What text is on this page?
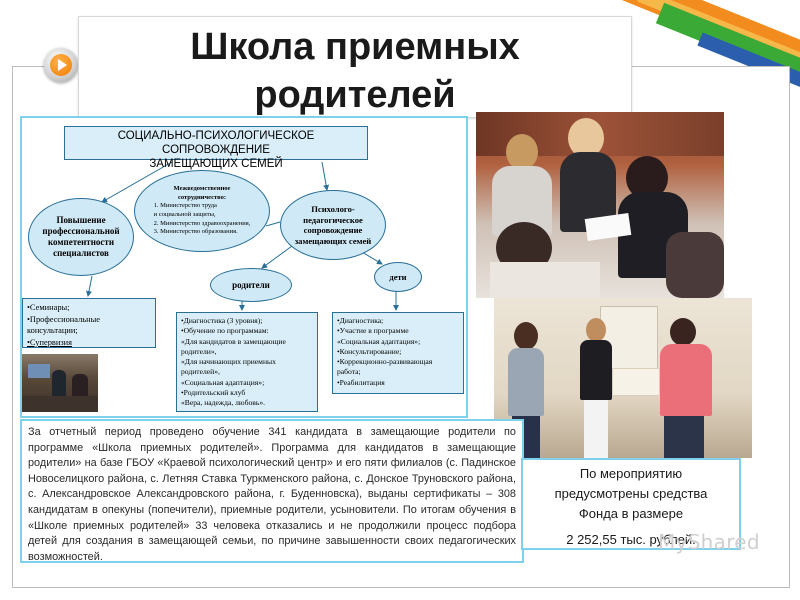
Школа приемных
родителей
СОЦИАЛЬНО-ПСИХОЛОГИЧЕСКОЕ СОПРОВОЖДЕНИЕ
ЗАМЕЩАЮЩИХ СЕМЕЙ
Повышение
профессиональной
компетентности
специалистов
Межведомственное
сотрудничество:
1. Министерство труда
и социальной защиты,
2. Министерство здравоохранения,
3. Министерство образования.
Психолого-
педагогическое
сопровождение
замещающих семей
родители
дети
•Семинары;
•Профессиональные консультации;
•Супервизия
•Диагностика (3 уровня);
•Обучение по программам:
«Для кандидатов в замещающие
родители»,
«Для начинающих приемных
родителей»,
«Социальная адаптация»;
•Родительский клуб
«Вера, надежда, любовь».
•Диагностика;
•Участие в программе
«Социальная адаптация»;
•Консультирование;
•Коррекционно-развивающая
работа;
•Реабилитация
За отчетный период проведено обучение 341 кандидата в замещающие родители по программе «Школа приемных родителей». Программа для кандидатов в замещающие родители» на базе ГБОУ «Краевой психологический центр» и его пяти филиалов (с. Падинское Новоселицкого района, с. Летняя Ставка Туркменского района, с. Донское Труновского района, с. Александровское Александровского района, г. Буденновска), выданы сертификаты – 308 кандидатам в опекуны (попечители), приемные родители, усыновители. По итогам обучения в «Школе приемных родителей» 33 человека отказались и не продолжили процесс подбора детей для создания в замещающей семьи, по причине завышенности своих педагогических возможностей.
По мероприятию
предусмотрены средства
Фонда в размере
2 252,55 тыс. рублей.
MyShared
